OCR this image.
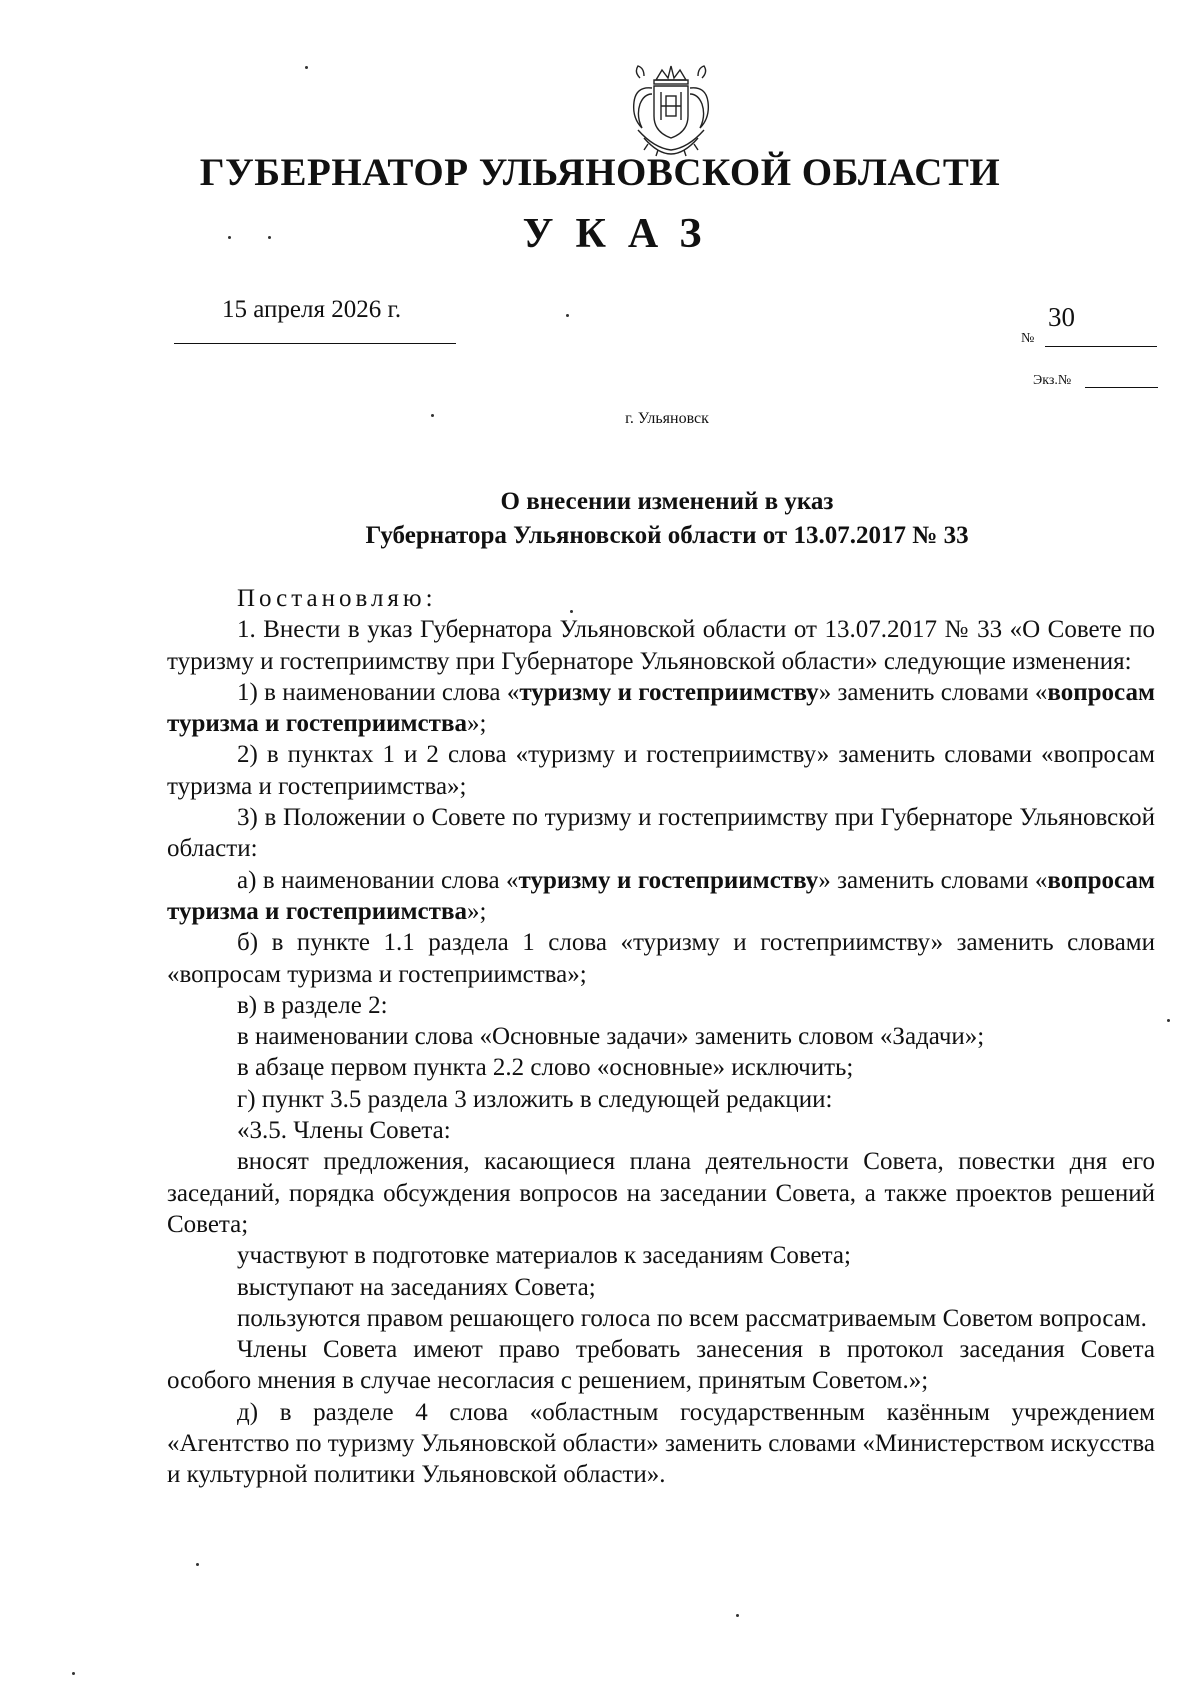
ГУБЕРНАТОР УЛЬЯНОВСКОЙ ОБЛАСТИ
УКАЗ
15 апреля 2026 г.	30
№
Экз.№
г. Ульяновск
О внесении изменений в указ
Губернатора Ульяновской области от 13.07.2017 № 33

Постановляю:

1. Внести в указ Губернатора Ульяновской области от 13.07.2017 № 33 «О Совете по туризму и гостеприимству при Губернаторе Ульяновской области» следующие изменения:

1) в наименовании слова «туризму и гостеприимству» заменить словами «вопросам туризма и гостеприимства»;

2) в пунктах 1 и 2 слова «туризму и гостеприимству» заменить словами «вопросам туризма и гостеприимства»;

3) в Положении о Совете по туризму и гостеприимству при Губернаторе Ульяновской области:

а) в наименовании слова «туризму и гостеприимству» заменить словами «вопросам туризма и гостеприимства»;

б) в пункте 1.1 раздела 1 слова «туризму и гостеприимству» заменить словами «вопросам туризма и гостеприимства»;

в) в разделе 2:

в наименовании слова «Основные задачи» заменить словом «Задачи»;

в абзаце первом пункта 2.2 слово «основные» исключить;

г) пункт 3.5 раздела 3 изложить в следующей редакции:

«3.5. Члены Совета:

вносят предложения, касающиеся плана деятельности Совета, повестки дня его заседаний, порядка обсуждения вопросов на заседании Совета, а также проектов решений Совета;

участвуют в подготовке материалов к заседаниям Совета;

выступают на заседаниях Совета;

пользуются правом решающего голоса по всем рассматриваемым Советом вопросам.

Члены Совета имеют право требовать занесения в протокол заседания Совета особого мнения в случае несогласия с решением, принятым Советом.»;

д) в разделе 4 слова «областным государственным казённым учреждением «Агентство по туризму Ульяновской области» заменить словами «Министерством искусства и культурной политики Ульяновской области».
